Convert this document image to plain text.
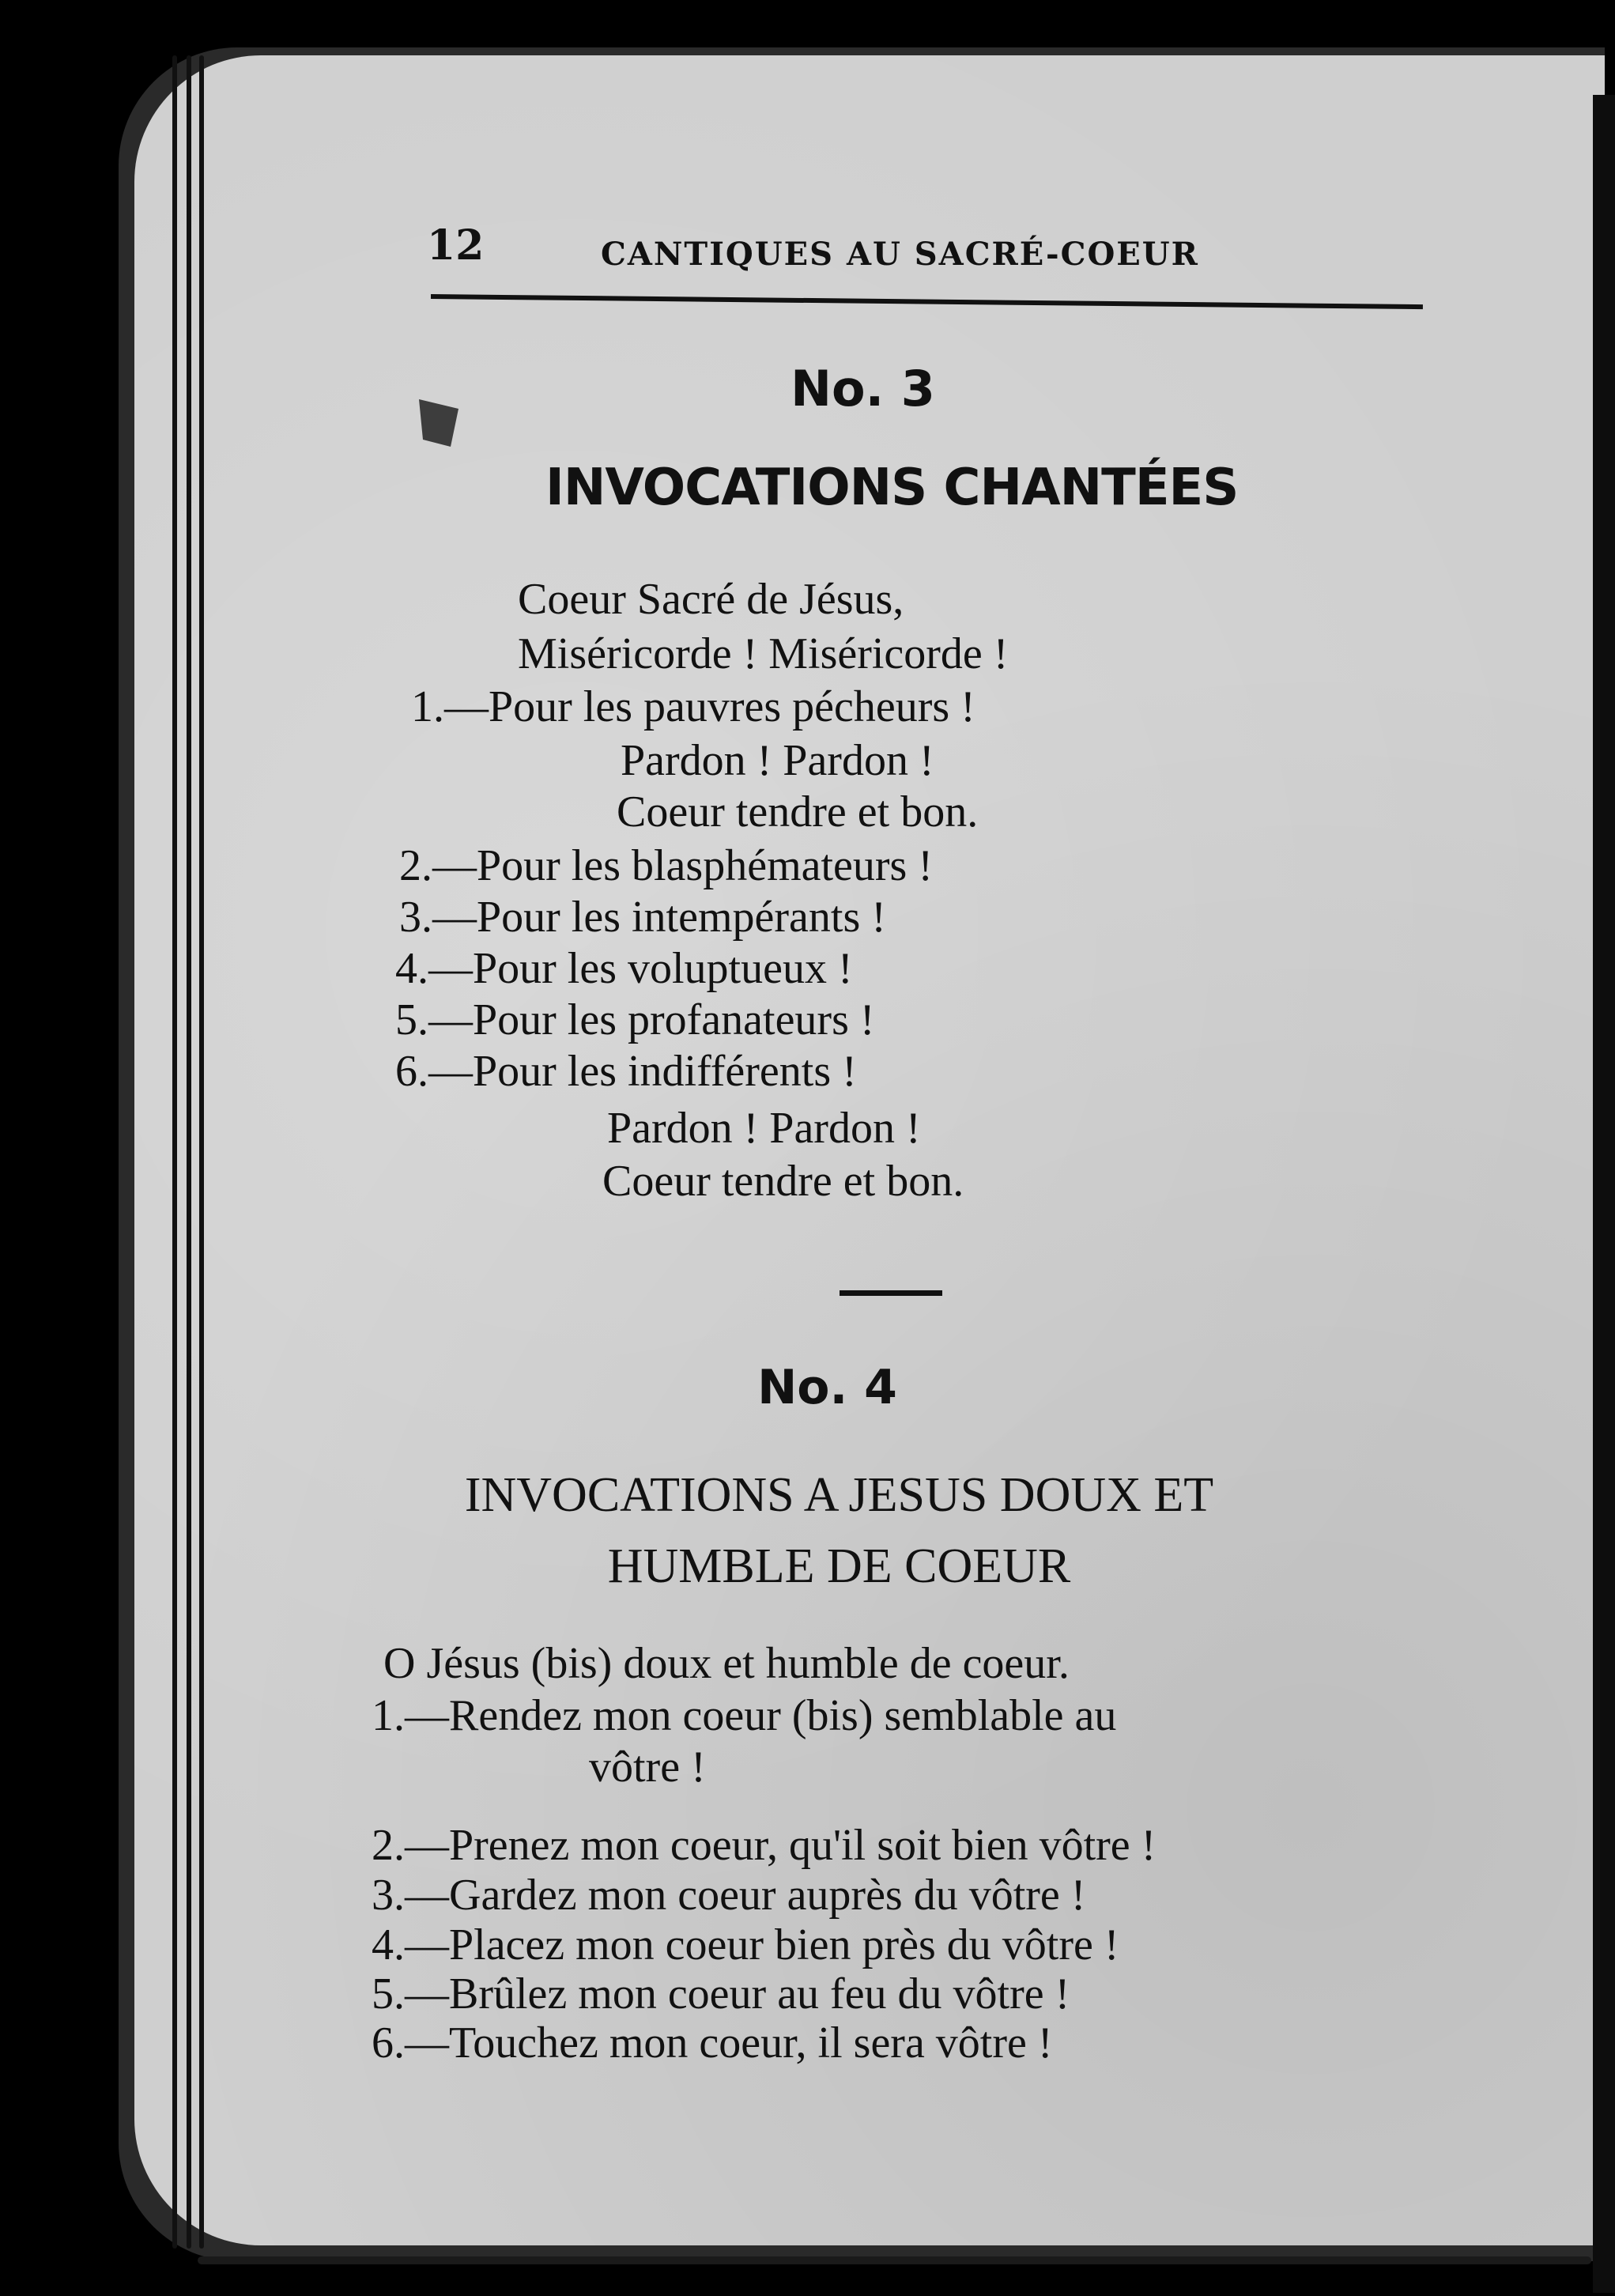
12	CANTIQUES AU SACRÉ-COEUR
No. 3
INVOCATIONS CHANTÉES
Coeur Sacré de Jésus,
Miséricorde ! Miséricorde !
1.—Pour les pauvres pécheurs !
Pardon ! Pardon !
Coeur tendre et bon.
2.—Pour les blasphémateurs !
3.—Pour les intempérants !
4.—Pour les voluptueux !
5.—Pour les profanateurs !
6.—Pour les indifférents !
Pardon ! Pardon !
Coeur tendre et bon.
No. 4
INVOCATIONS A JESUS DOUX ET
HUMBLE DE COEUR
O Jésus (bis) doux et humble de coeur.
1.—Rendez mon coeur (bis) semblable au
vôtre !
2.—Prenez mon coeur, qu'il soit bien vôtre !
3.—Gardez mon coeur auprès du vôtre !
4.—Placez mon coeur bien près du vôtre !
5.—Brûlez mon coeur au feu du vôtre !
6.—Touchez mon coeur, il sera vôtre !
